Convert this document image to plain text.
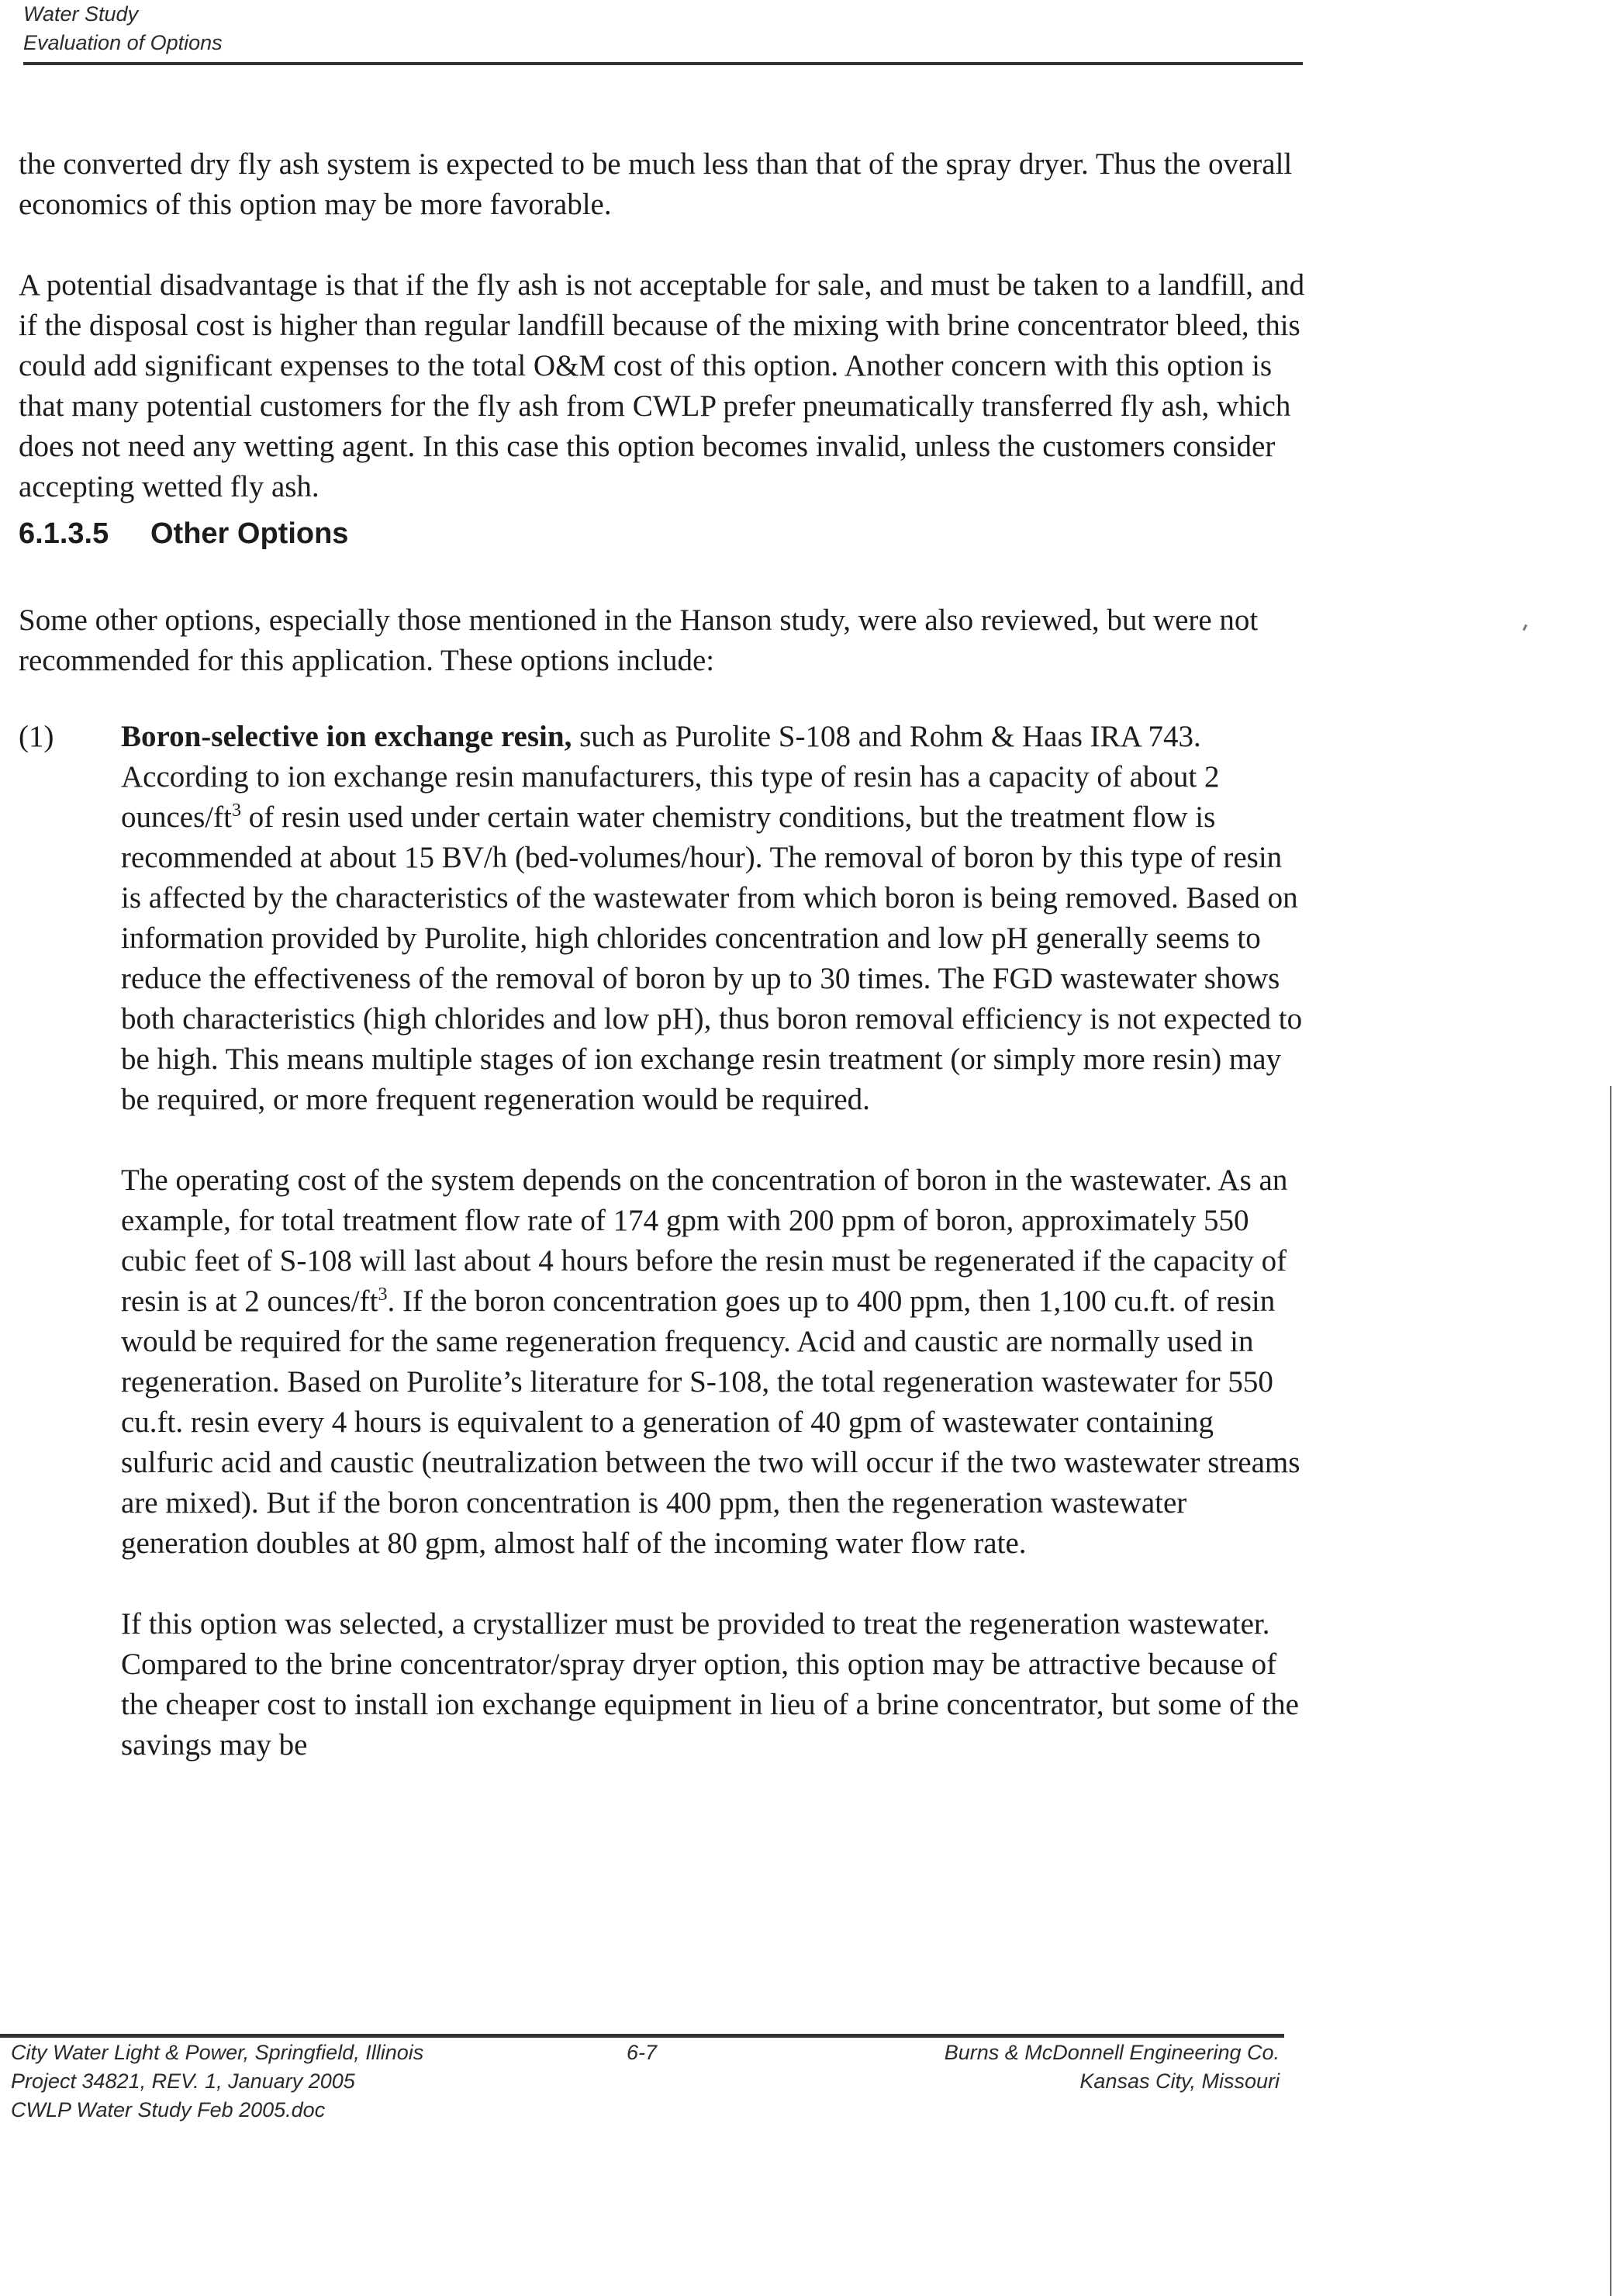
Water Study
Evaluation of Options

the converted dry fly ash system is expected to be much less than that of the spray dryer. Thus the overall economics of this option may be more favorable.

A potential disadvantage is that if the fly ash is not acceptable for sale, and must be taken to a landfill, and if the disposal cost is higher than regular landfill because of the mixing with brine concentrator bleed, this could add significant expenses to the total O&M cost of this option. Another concern with this option is that many potential customers for the fly ash from CWLP prefer pneumatically transferred fly ash, which does not need any wetting agent. In this case this option becomes invalid, unless the customers consider accepting wetted fly ash.

6.1.3.5 Other Options

Some other options, especially those mentioned in the Hanson study, were also reviewed, but were not recommended for this application. These options include:

(1) Boron-selective ion exchange resin, such as Purolite S-108 and Rohm & Haas IRA 743. According to ion exchange resin manufacturers, this type of resin has a capacity of about 2 ounces/$ft^3$ of resin used under certain water chemistry conditions, but the treatment flow is recommended at about 15 BV/h (bed-volumes/hour). The removal of boron by this type of resin is affected by the characteristics of the wastewater from which boron is being removed. Based on information provided by Purolite, high chlorides concentration and low pH generally seems to reduce the effectiveness of the removal of boron by up to 30 times. The FGD wastewater shows both characteristics (high chlorides and low pH), thus boron removal efficiency is not expected to be high. This means multiple stages of ion exchange resin treatment (or simply more resin) may be required, or more frequent regeneration would be required.

The operating cost of the system depends on the concentration of boron in the wastewater. As an example, for total treatment flow rate of 174 gpm with 200 ppm of boron, approximately 550 cubic feet of S-108 will last about 4 hours before the resin must be regenerated if the capacity of resin is at 2 ounces/$ft^3$. If the boron concentration goes up to 400 ppm, then 1,100 cu.ft. of resin would be required for the same regeneration frequency. Acid and caustic are normally used in regeneration. Based on Purolite’s literature for S-108, the total regeneration wastewater for 550 cu.ft. resin every 4 hours is equivalent to a generation of 40 gpm of wastewater containing sulfuric acid and caustic (neutralization between the two will occur if the two wastewater streams are mixed). But if the boron concentration is 400 ppm, then the regeneration wastewater generation doubles at 80 gpm, almost half of the incoming water flow rate.

If this option was selected, a crystallizer must be provided to treat the regeneration wastewater. Compared to the brine concentrator/spray dryer option, this option may be attractive because of the cheaper cost to install ion exchange equipment in lieu of a brine concentrator, but some of the savings may be

City Water Light & Power, Springfield, Illinois
Project 34821, REV. 1, January 2005
CWLP Water Study Feb 2005.doc
6-7	Burns & McDonnell Engineering Co.
Kansas City, Missouri
